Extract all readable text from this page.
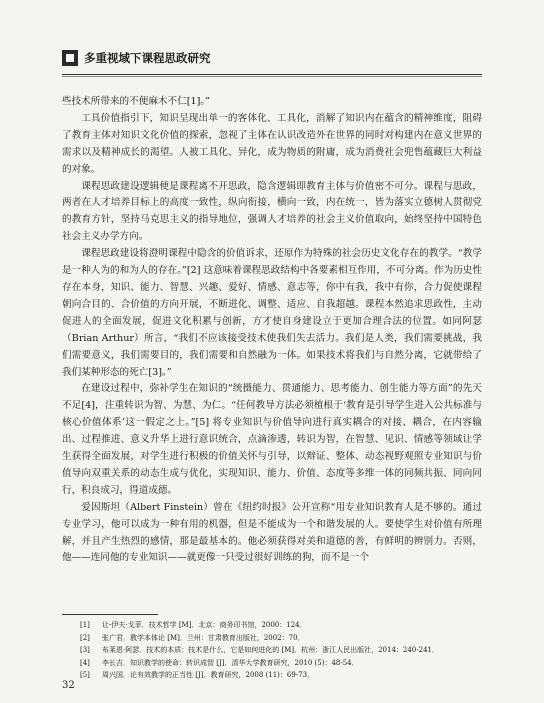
多重视域下课程思政研究

些技术所带来的不便麻木不仁[1]。”

工具价值指引下，知识呈现出单一的客体化、工具化，消解了知识内在蕴含的精神维度，阻碍了教育主体对知识文化价值的探索，忽视了主体在认识改造外在世界的同时对构建内在意义世界的需求以及精神成长的渴望。人被工具化、异化，成为物质的附庸，成为消费社会兜售蕴藏巨大利益的对象。

课程思政建设逻辑便是课程离不开思政，隐含逻辑即教育主体与价值密不可分。课程与思政，两者在人才培养目标上的高度一致性，纵向衔接，横向一致，内在统一，皆为落实立德树人贯彻党的教育方针，坚持马克思主义的指导地位，强调人才培养的社会主义价值取向，始终坚持中国特色社会主义办学方向。

课程思政建设将澄明课程中隐含的价值诉求，还原作为特殊的社会历史文化存在的教学。“教学是一种人为的和为人的存在。”[2] 这意味着课程思政结构中各要素相互作用，不可分离。作为历史性存在本身，知识、能力、智慧、兴趣、爱好、情感、意志等，你中有我，我中有你，合力促使课程朝向合目的、合价值的方向开展，不断进化、调整、适应、自我超越。课程本然追求思政性，主动促进人的全面发展，促进文化积累与创新，方才使自身建设立于更加合理合法的位置。如同阿瑟（Brian Arthur）所言，“我们不应该接受技术使我们失去活力。我们是人类，我们需要挑战，我们需要意义，我们需要目的，我们需要和自然融为一体。如果技术将我们与自然分离，它就带给了我们某种形态的死亡[3]。”

在建设过程中，弥补学生在知识的“统摄能力、贯通能力、思考能力、创生能力等方面”的先天不足[4]，注重转识为智、为慧、为仁。“任何教导方法必须植根于‘教育是引导学生进入公共标准与核心价值体系’这一假定之上。”[5] 将专业知识与价值导向进行真实耦合的对接、耦合，在内容输出、过程推进、意义升华上进行意识统合，点滴渗透，转识为智，在智慧、见识、情感等领域让学生获得全面发展，对学生进行积极的价值关怀与引导，以辩证、整体、动态视野观照专业知识与价值导向双重关系的动态生成与优化，实现知识、能力、价值、态度等多维一体的同频共振、同向同行，积良成习，得道成德。

爱因斯坦（Albert Finstein）曾在《纽约时报》公开宣称“用专业知识教育人是不够的。通过专业学习，他可以成为一种有用的机器，但是不能成为一个和谐发展的人。要使学生对价值有所理解，并且产生热烈的感情，那是最基本的。他必须获得对美和道德的善，有鲜明的辨别力。否则，他——连同他的专业知识——就更像一只受过很好训练的狗，而不是一个

[1] 让-伊夫·戈菲．技术哲学 [M]．北京：商务印书馆，2000：124．
[2] 张广君．教学本体论 [M]．兰州：甘肃教育出版社，2002：70．
[3] 布莱恩·阿瑟．技术的本质：技术是什么，它是如何进化的 [M]．杭州：浙江人民出版社，2014：240-241．
[4] 李长吉．知识教学的使命：转识成智 [J]．清华大学教育研究，2010 (5)：48-54．
[5] 周兴国．论有效教学的正当性 [J]．教育研究，2008 (11)：69-73．
32
